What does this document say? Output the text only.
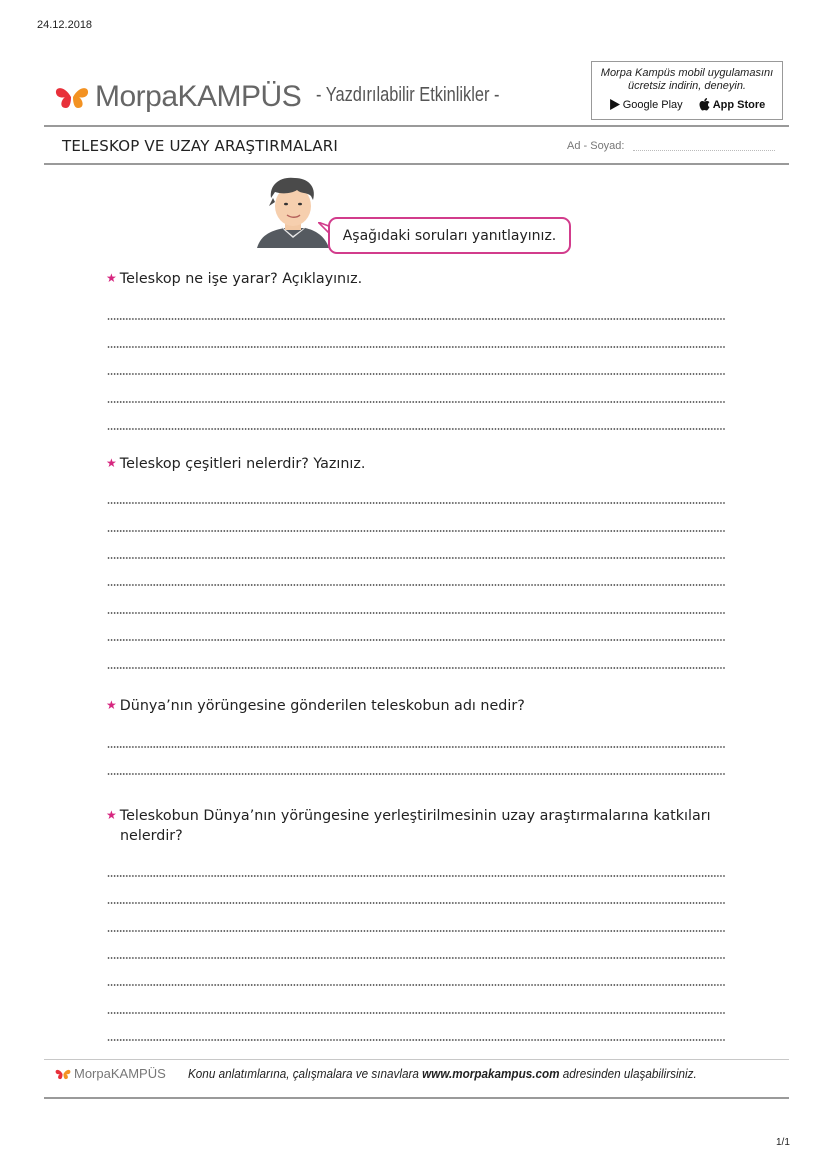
24.12.2018
MorpaKAMPÜS - Yazdırılabilir Etkinlikler -
Morpa Kampüs mobil uygulamasını
ücretsiz indirin, deneyin.
Google Play	App Store
TELESKOP VE UZAY ARAŞTIRMALARI	Ad - Soyad:
Aşağıdaki soruları yanıtlayınız.
★ Teleskop ne işe yarar? Açıklayınız.
★ Teleskop çeşitleri nelerdir? Yazınız.
★ Dünya’nın yörüngesine gönderilen teleskobun adı nedir?
★ Teleskobun Dünya’nın yörüngesine yerleştirilmesinin uzay araştırmalarına katkıları
nelerdir?
MorpaKAMPÜS Konu anlatımlarına, çalışmalara ve sınavlara www.morpakampus.com adresinden ulaşabilirsiniz.
1/1
